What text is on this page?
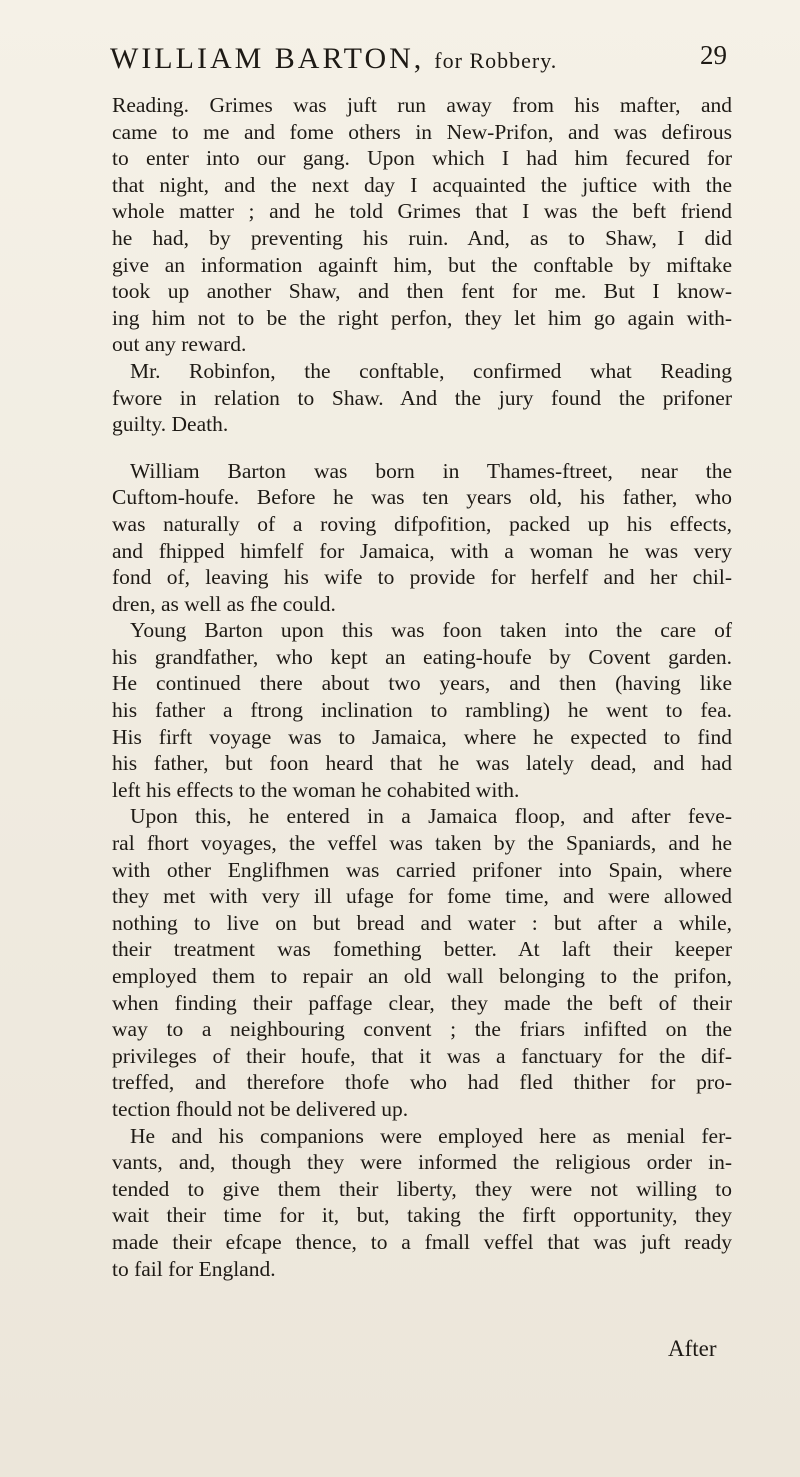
WILLIAM BARTON, for Robbery.	29
Reading. Grimes was juft run away from his mafter, and
came to me and fome others in New-Prifon, and was defirous
to enter into our gang. Upon which I had him fecured for
that night, and the next day I acquainted the juftice with the
whole matter ; and he told Grimes that I was the beft friend
he had, by preventing his ruin. And, as to Shaw, I did
give an information againft him, but the conftable by miftake
took up another Shaw, and then fent for me. But I know-
ing him not to be the right perfon, they let him go again with-
out any reward.
Mr. Robinfon, the conftable, confirmed what Reading
fwore in relation to Shaw. And the jury found the prifoner
guilty. Death.
William Barton was born in Thames-ftreet, near the
Cuftom-houfe. Before he was ten years old, his father, who
was naturally of a roving difpofition, packed up his effects,
and fhipped himfelf for Jamaica, with a woman he was very
fond of, leaving his wife to provide for herfelf and her chil-
dren, as well as fhe could.
Young Barton upon this was foon taken into the care of
his grandfather, who kept an eating-houfe by Covent garden.
He continued there about two years, and then (having like
his father a ftrong inclination to rambling) he went to fea.
His firft voyage was to Jamaica, where he expected to find
his father, but foon heard that he was lately dead, and had
left his effects to the woman he cohabited with.
Upon this, he entered in a Jamaica floop, and after feve-
ral fhort voyages, the veffel was taken by the Spaniards, and he
with other Englifhmen was carried prifoner into Spain, where
they met with very ill ufage for fome time, and were allowed
nothing to live on but bread and water : but after a while,
their treatment was fomething better. At laft their keeper
employed them to repair an old wall belonging to the prifon,
when finding their paffage clear, they made the beft of their
way to a neighbouring convent ; the friars infifted on the
privileges of their houfe, that it was a fanctuary for the dif-
treffed, and therefore thofe who had fled thither for pro-
tection fhould not be delivered up.
He and his companions were employed here as menial fer-
vants, and, though they were informed the religious order in-
tended to give them their liberty, they were not willing to
wait their time for it, but, taking the firft opportunity, they
made their efcape thence, to a fmall veffel that was juft ready
to fail for England.
After
